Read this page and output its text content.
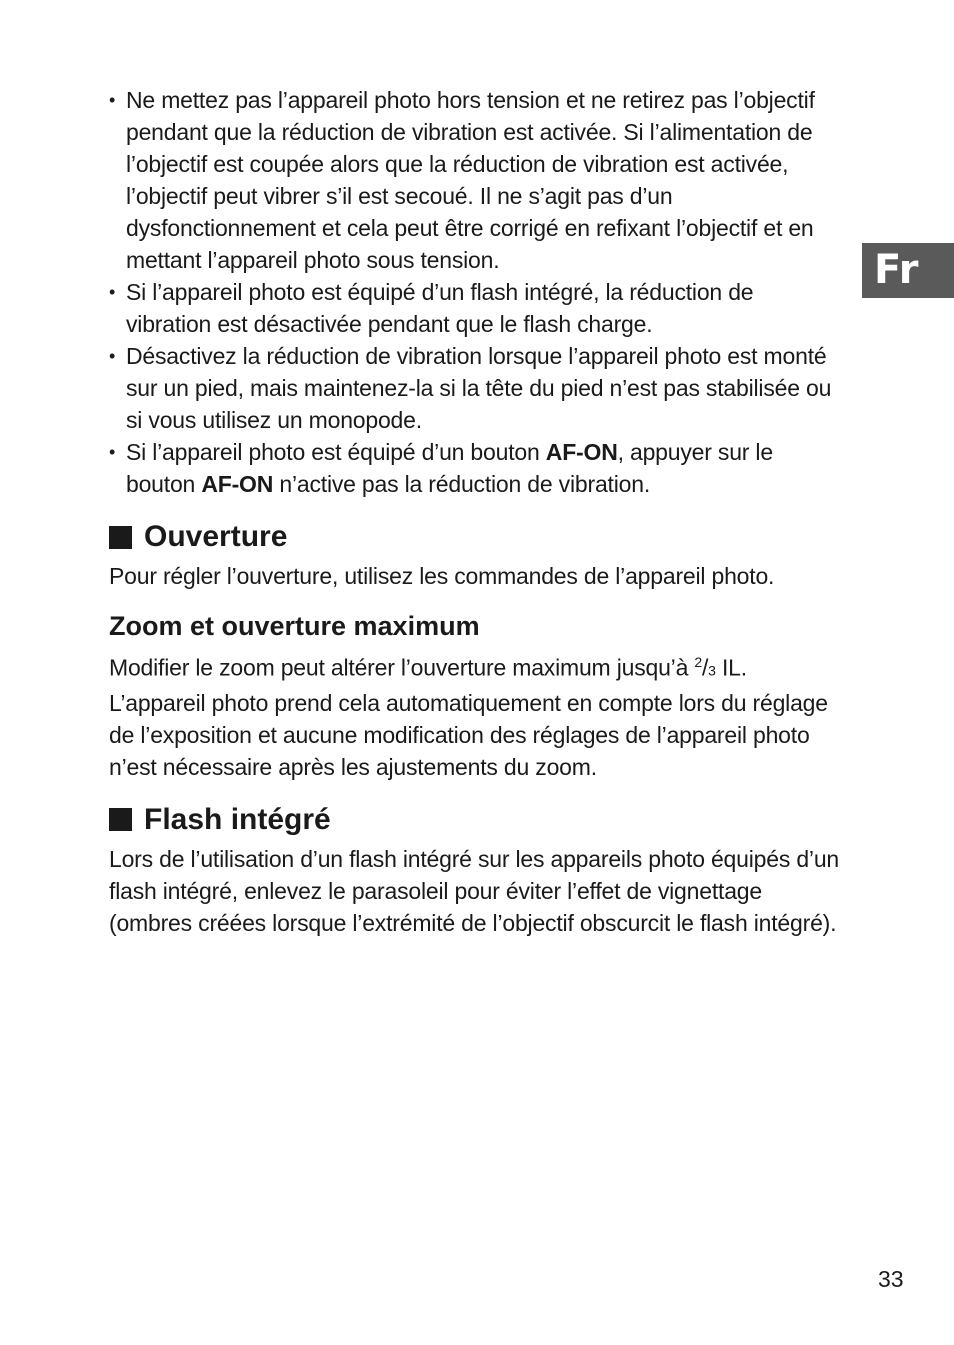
• Ne mettez pas l’appareil photo hors tension et ne retirez pas l’objectif pendant que la réduction de vibration est activée. Si l’alimentation de l’objectif est coupée alors que la réduction de vibration est activée, l’objectif peut vibrer s’il est secoué. Il ne s’agit pas d’un dysfonctionnement et cela peut être corrigé en refixant l’objectif et en mettant l’appareil photo sous tension.
• Si l’appareil photo est équipé d’un flash intégré, la réduction de vibration est désactivée pendant que le flash charge.
• Désactivez la réduction de vibration lorsque l’appareil photo est monté sur un pied, mais maintenez-la si la tête du pied n’est pas stabilisée ou si vous utilisez un monopode.
• Si l’appareil photo est équipé d’un bouton AF-ON, appuyer sur le bouton AF-ON n’active pas la réduction de vibration.
Ouverture

Pour régler l’ouverture, utilisez les commandes de l’appareil photo.

Zoom et ouverture maximum

Modifier le zoom peut altérer l’ouverture maximum jusqu’à $^2$/3 IL. L’appareil photo prend cela automatiquement en compte lors du réglage de l’exposition et aucune modification des réglages de l’appareil photo n’est nécessaire après les ajustements du zoom.

Flash intégré

Lors de l’utilisation d’un flash intégré sur les appareils photo équipés d’un flash intégré, enlevez le parasoleil pour éviter l’effet de vignettage (ombres créées lorsque l’extrémité de l’objectif obscurcit le flash intégré).

Fr
33
